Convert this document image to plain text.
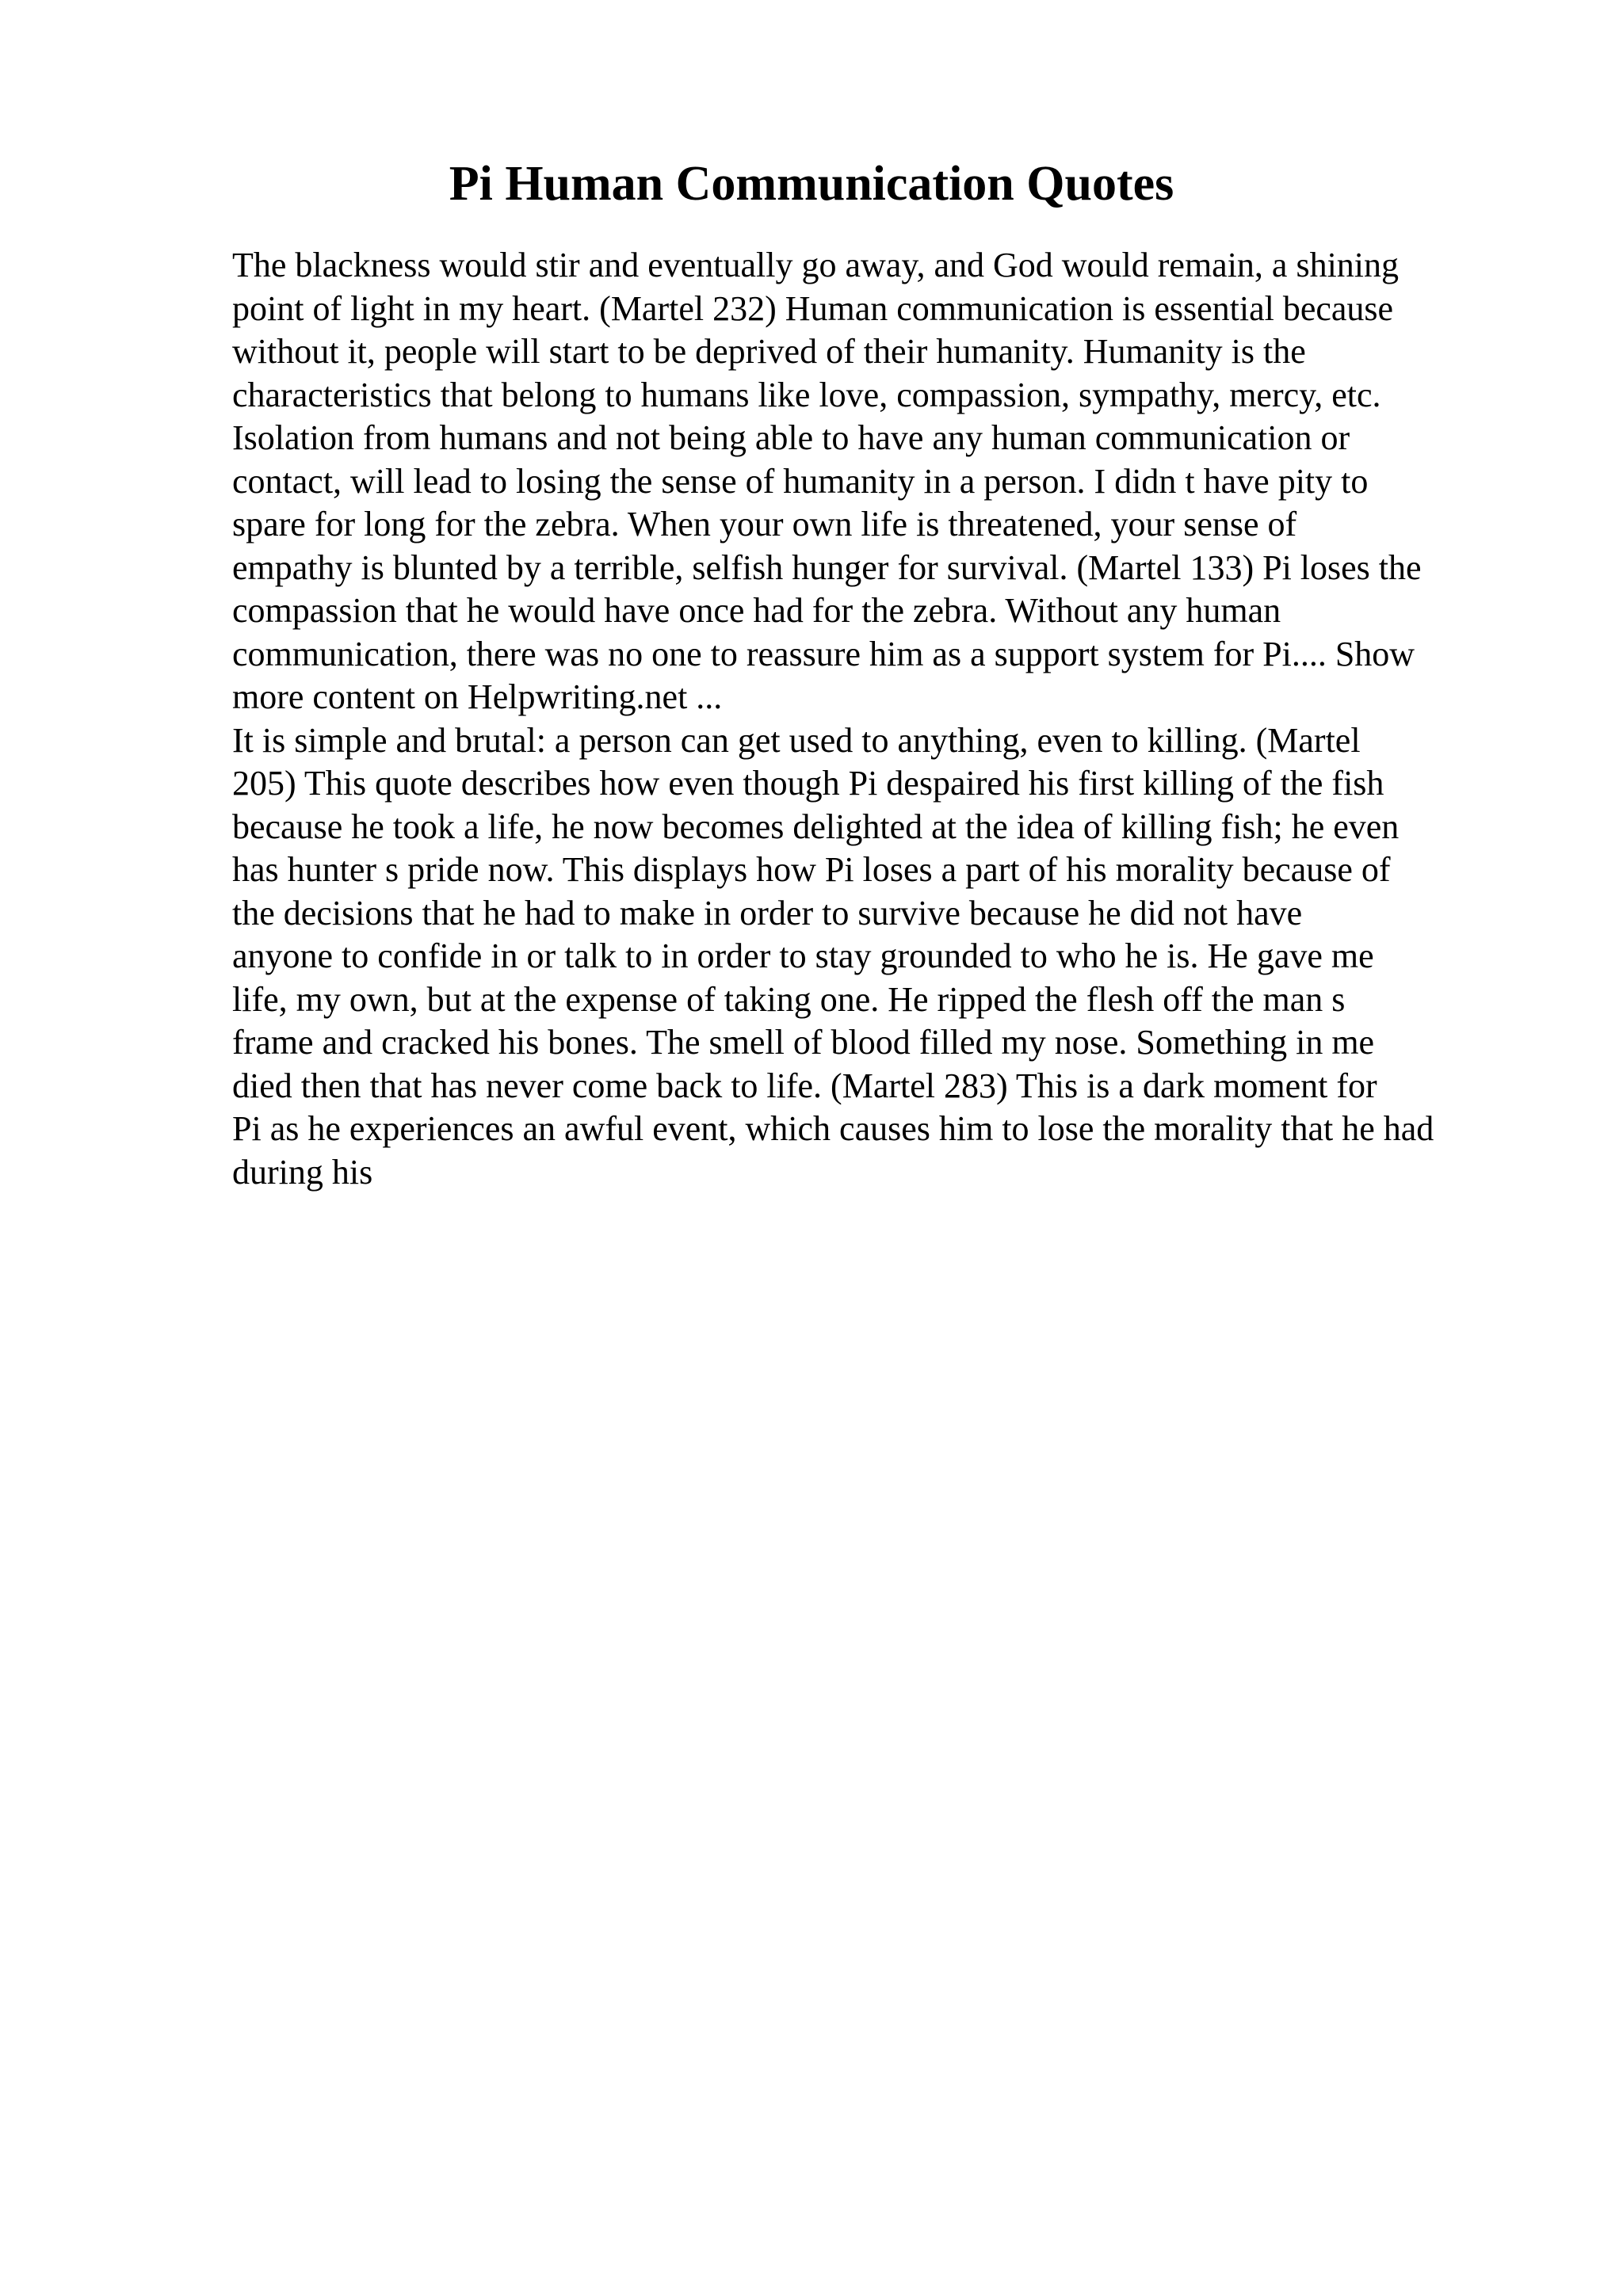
Pi Human Communication Quotes
The blackness would stir and eventually go away, and God would remain, a shining
point of light in my heart. (Martel 232) Human communication is essential because
without it, people will start to be deprived of their humanity. Humanity is the
characteristics that belong to humans like love, compassion, sympathy, mercy, etc.
Isolation from humans and not being able to have any human communication or
contact, will lead to losing the sense of humanity in a person. I didn t have pity to
spare for long for the zebra. When your own life is threatened, your sense of
empathy is blunted by a terrible, selfish hunger for survival. (Martel 133) Pi loses the
compassion that he would have once had for the zebra. Without any human
communication, there was no one to reassure him as a support system for Pi.... Show
more content on Helpwriting.net ...
It is simple and brutal: a person can get used to anything, even to killing. (Martel
205) This quote describes how even though Pi despaired his first killing of the fish
because he took a life, he now becomes delighted at the idea of killing fish; he even
has hunter s pride now. This displays how Pi loses a part of his morality because of
the decisions that he had to make in order to survive because he did not have
anyone to confide in or talk to in order to stay grounded to who he is. He gave me
life, my own, but at the expense of taking one. He ripped the flesh off the man s
frame and cracked his bones. The smell of blood filled my nose. Something in me
died then that has never come back to life. (Martel 283) This is a dark moment for
Pi as he experiences an awful event, which causes him to lose the morality that he had
during his
